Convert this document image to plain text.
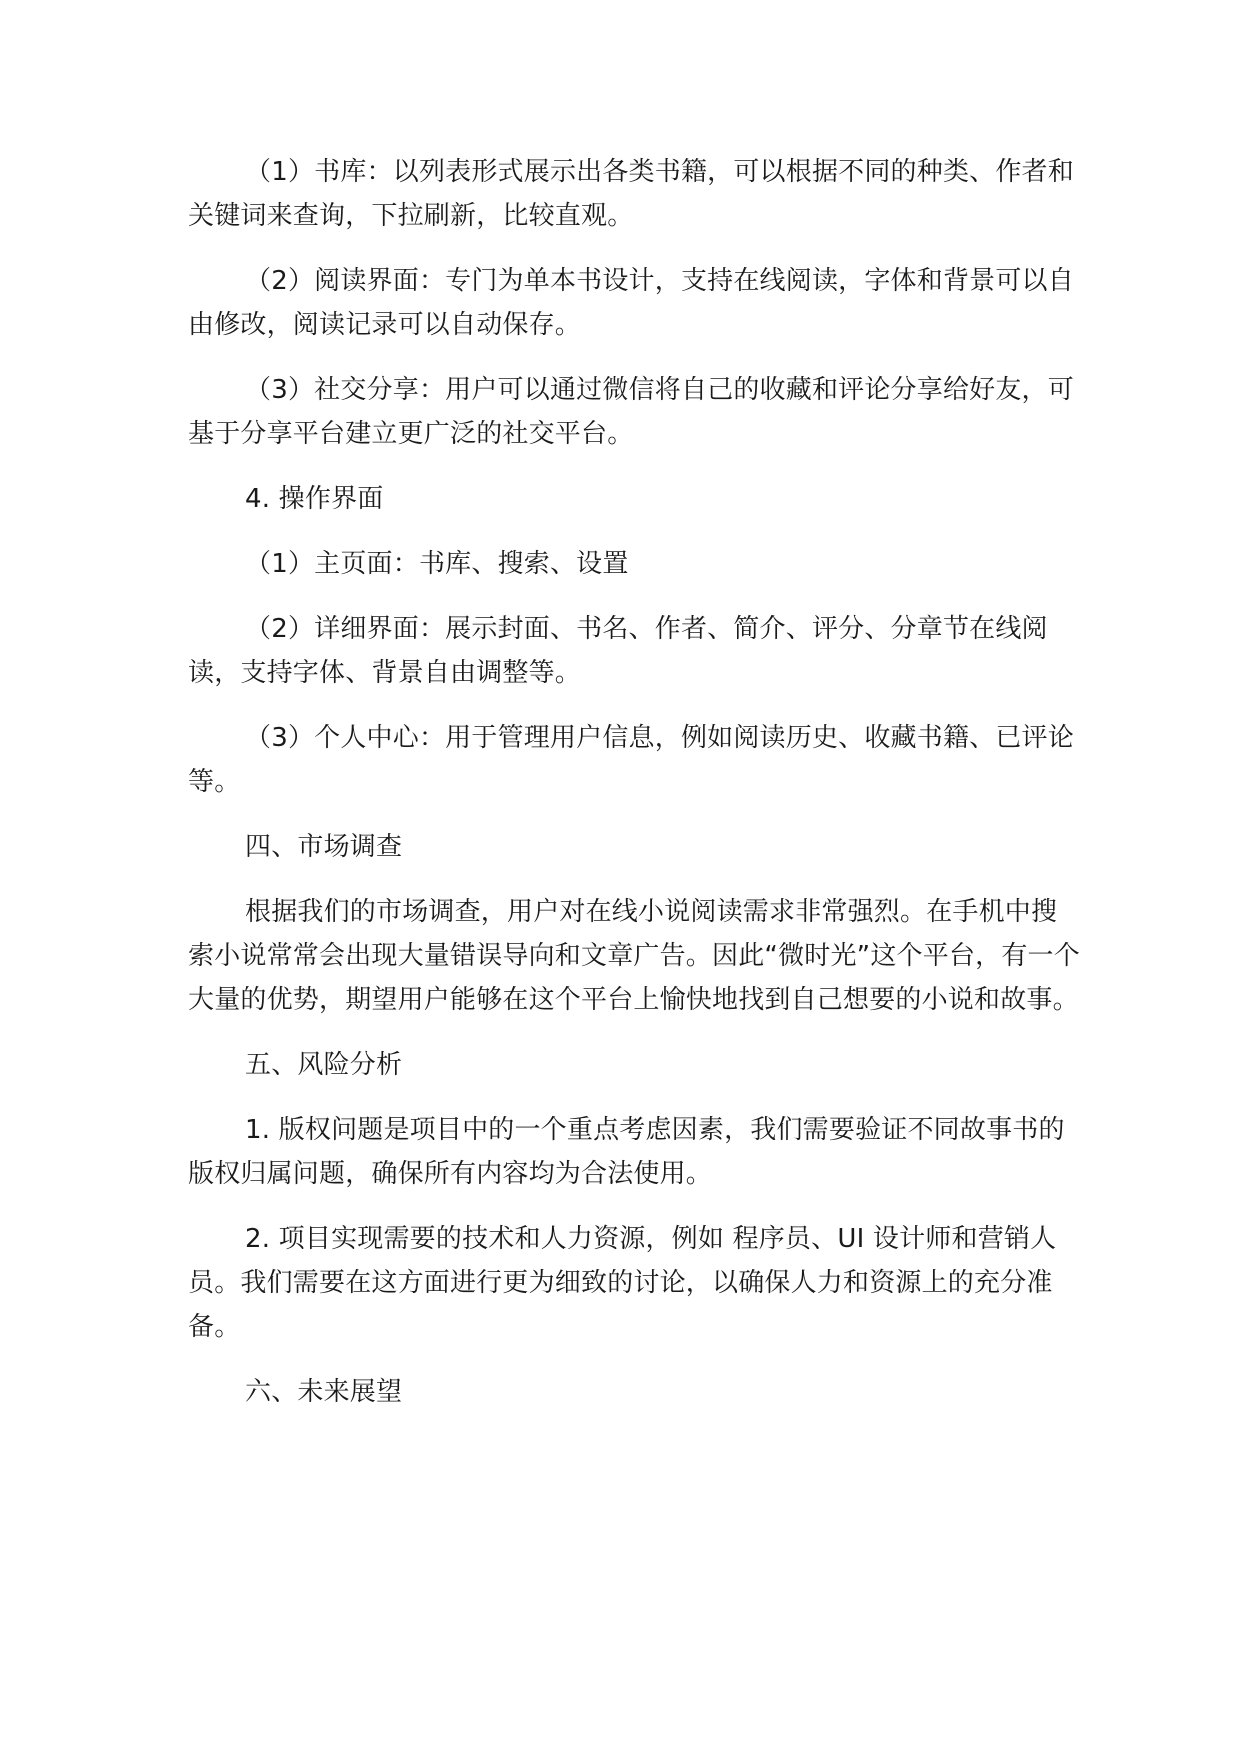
（1）书库：以列表形式展示出各类书籍，可以根据不同的种类、作者和关键词来查询，下拉刷新，比较直观。

（2）阅读界面：专门为单本书设计，支持在线阅读，字体和背景可以自由修改，阅读记录可以自动保存。

（3）社交分享：用户可以通过微信将自己的收藏和评论分享给好友，可基于分享平台建立更广泛的社交平台。

4. 操作界面

（1）主页面：书库、搜索、设置

（2）详细界面：展示封面、书名、作者、简介、评分、分章节在线阅读，支持字体、背景自由调整等。

（3）个人中心：用于管理用户信息，例如阅读历史、收藏书籍、已评论等。

四、市场调查

根据我们的市场调查，用户对在线小说阅读需求非常强烈。在手机中搜索小说常常会出现大量错误导向和文章广告。因此“微时光”这个平台，有一个大量的优势，期望用户能够在这个平台上愉快地找到自己想要的小说和故事。

五、风险分析

1. 版权问题是项目中的一个重点考虑因素，我们需要验证不同故事书的版权归属问题，确保所有内容均为合法使用。

2. 项目实现需要的技术和人力资源，例如 程序员、UI 设计师和营销人员。我们需要在这方面进行更为细致的讨论，以确保人力和资源上的充分准备。

六、未来展望
